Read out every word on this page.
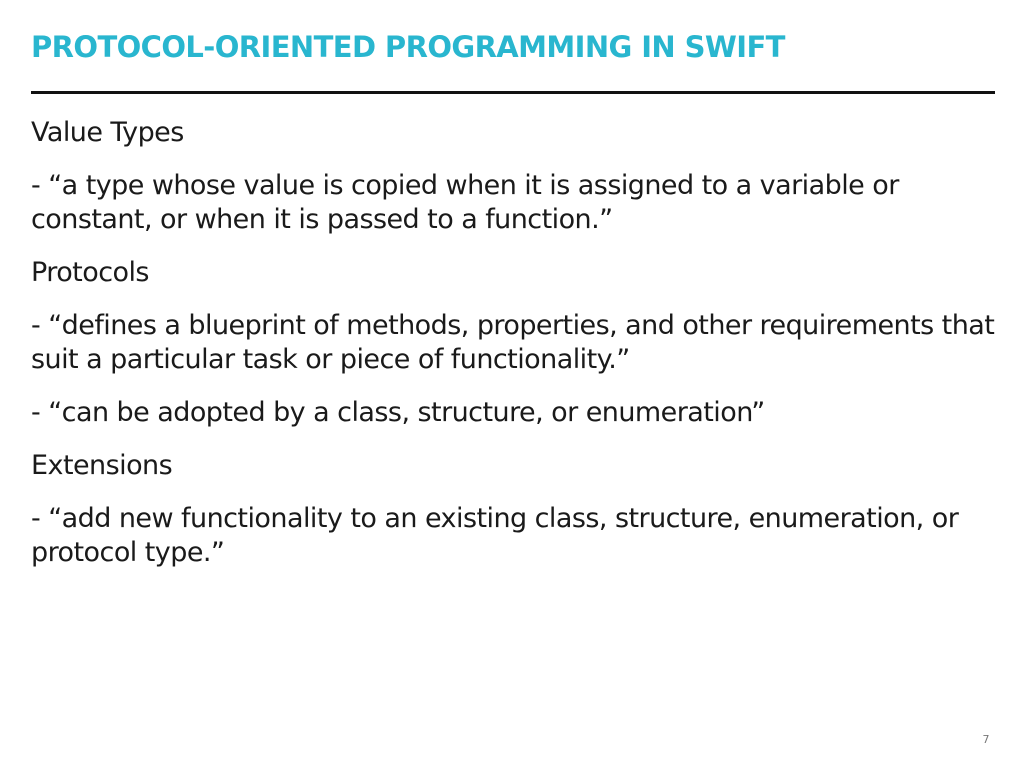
PROTOCOL-ORIENTED PROGRAMMING IN SWIFT

Value Types

- “a type whose value is copied when it is assigned to a variable or constant, or when it is passed to a function.”

Protocols

- “defines a blueprint of methods, properties, and other requirements that suit a particular task or piece of functionality.”

- “can be adopted by a class, structure, or enumeration”

Extensions

- “add new functionality to an existing class, structure, enumeration, or protocol type.”

7
